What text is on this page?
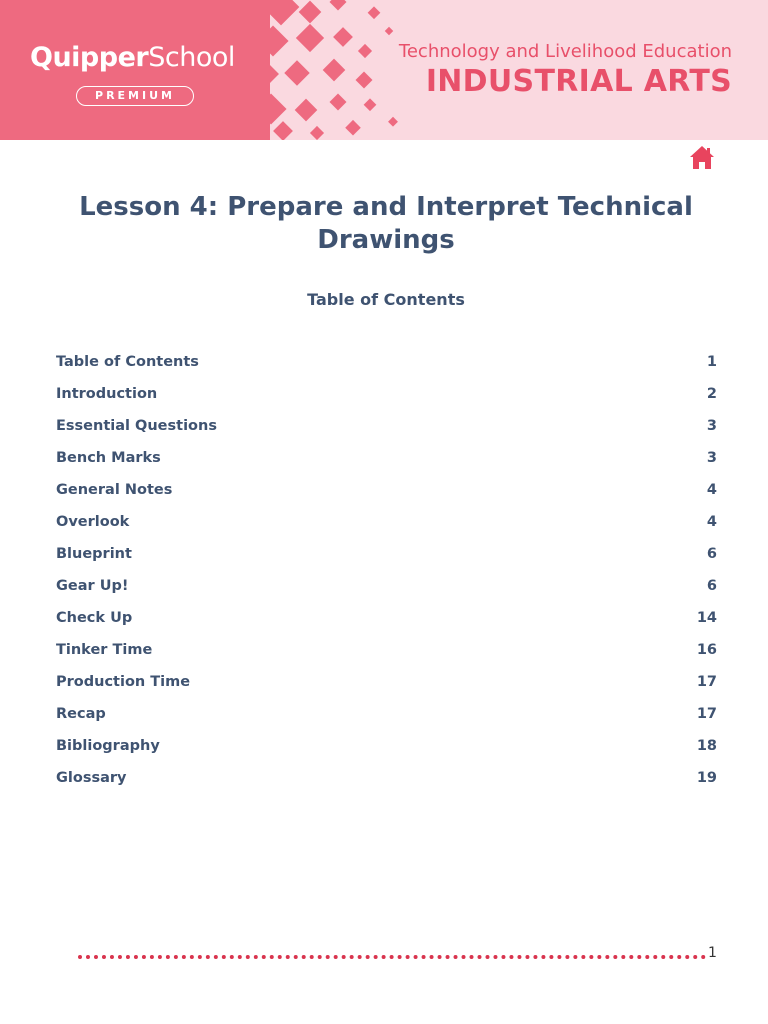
QuipperSchool
PREMIUM
Technology and Livelihood Education
INDUSTRIAL ARTS
Lesson 4: Prepare and Interpret Technical Drawings
Table of Contents
Table of Contents	1
Introduction	2
Essential Questions	3
Bench Marks	3
General Notes	4
Overlook	4
Blueprint	6
Gear Up!	6
Check Up	14
Tinker Time	16
Production Time	17
Recap	17
Bibliography	18
Glossary	19
1
